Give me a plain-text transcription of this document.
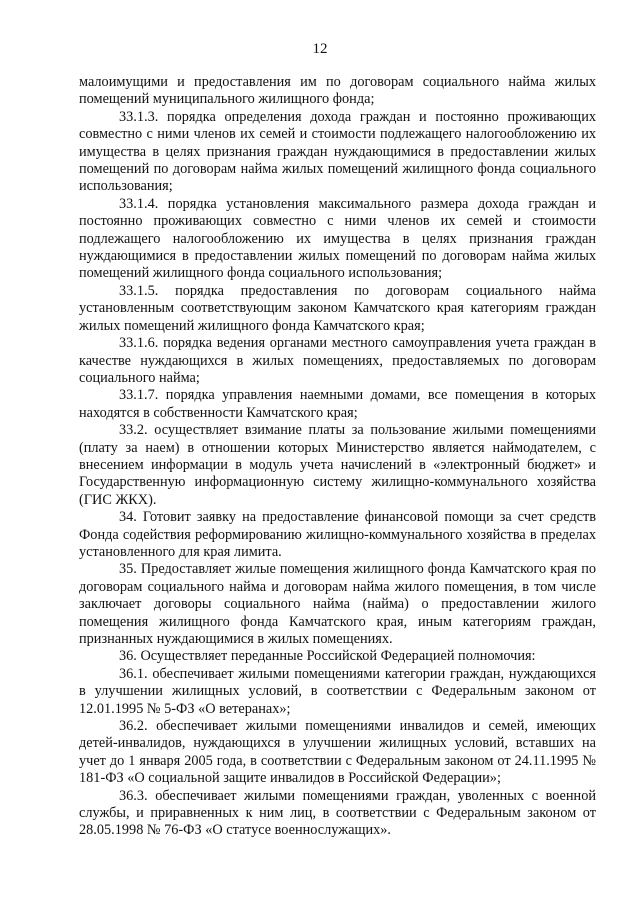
12

малоимущими и предоставления им по договорам социального найма жилых помещений муниципального жилищного фонда;

33.1.3. порядка определения дохода граждан и постоянно проживающих совместно с ними членов их семей и стоимости подлежащего налогообложению их имущества в целях признания граждан нуждающимися в предоставлении жилых помещений по договорам найма жилых помещений жилищного фонда социального использования;

33.1.4. порядка установления максимального размера дохода граждан и постоянно проживающих совместно с ними членов их семей и стоимости подлежащего налогообложению их имущества в целях признания граждан нуждающимися в предоставлении жилых помещений по договорам найма жилых помещений жилищного фонда социального использования;

33.1.5. порядка предоставления по договорам социального найма установленным соответствующим законом Камчатского края категориям граждан жилых помещений жилищного фонда Камчатского края;

33.1.6. порядка ведения органами местного самоуправления учета граждан в качестве нуждающихся в жилых помещениях, предоставляемых по договорам социального найма;

33.1.7. порядка управления наемными домами, все помещения в которых находятся в собственности Камчатского края;

33.2. осуществляет взимание платы за пользование жилыми помещениями (плату за наем) в отношении которых Министерство является наймодателем, с внесением информации в модуль учета начислений в «электронный бюджет» и Государственную информационную систему жилищно-коммунального хозяйства (ГИС ЖКХ).

34. Готовит заявку на предоставление финансовой помощи за счет средств Фонда содействия реформированию жилищно-коммунального хозяйства в пределах установленного для края лимита.

35. Предоставляет жилые помещения жилищного фонда Камчатского края по договорам социального найма и договорам найма жилого помещения, в том числе заключает договоры социального найма (найма) о предоставлении жилого помещения жилищного фонда Камчатского края, иным категориям граждан, признанных нуждающимися в жилых помещениях.

36. Осуществляет переданные Российской Федерацией полномочия:

36.1. обеспечивает жилыми помещениями категории граждан, нуждающихся в улучшении жилищных условий, в соответствии с Федеральным законом от 12.01.1995 № 5-ФЗ «О ветеранах»;

36.2. обеспечивает жилыми помещениями инвалидов и семей, имеющих детей-инвалидов, нуждающихся в улучшении жилищных условий, вставших на учет до 1 января 2005 года, в соответствии с Федеральным законом от 24.11.1995 № 181-ФЗ «О социальной защите инвалидов в Российской Федерации»;

36.3. обеспечивает жилыми помещениями граждан, уволенных с военной службы, и приравненных к ним лиц, в соответствии с Федеральным законом от 28.05.1998 № 76-ФЗ «О статусе военнослужащих».
